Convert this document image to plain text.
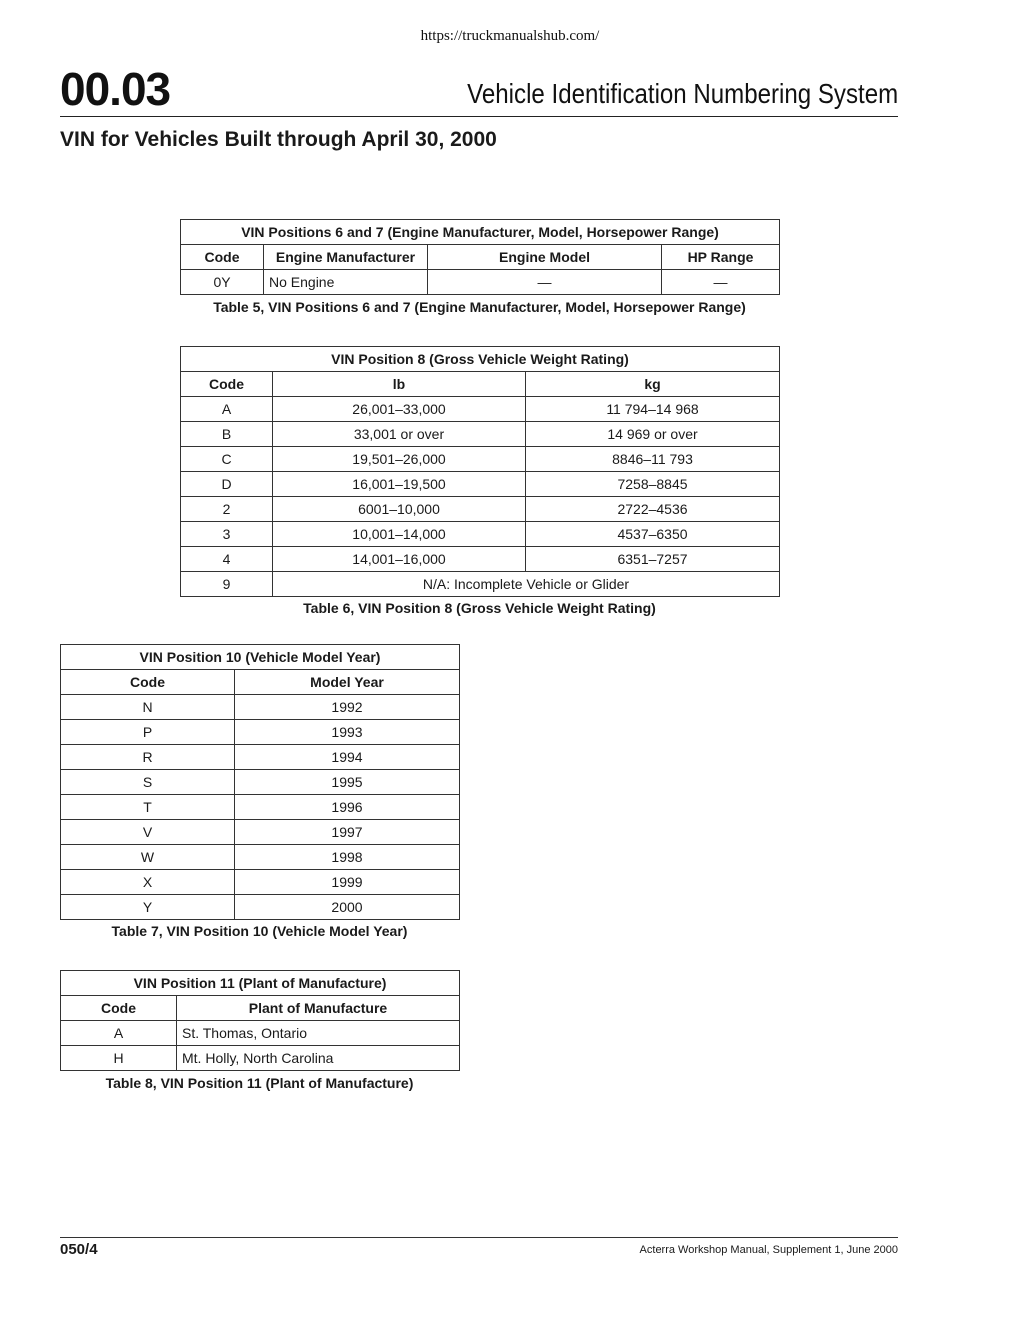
https://truckmanualshub.com/
00.03	Vehicle Identification Numbering System
VIN for Vehicles Built through April 30, 2000
VIN Positions 6 and 7 (Engine Manufacturer, Model, Horsepower Range)			
Code	Engine Manufacturer	Engine Model	HP Range
0Y	No Engine	—	—
Table 5, VIN Positions 6 and 7 (Engine Manufacturer, Model, Horsepower Range)
VIN Position 8 (Gross Vehicle Weight Rating)		
Code	lb	kg
A	26,001–33,000	11 794–14 968
B	33,001 or over	14 969 or over
C	19,501–26,000	8846–11 793
D	16,001–19,500	7258–8845
2	6001–10,000	2722–4536
3	10,001–14,000	4537–6350
4	14,001–16,000	6351–7257
9	N/A: Incomplete Vehicle or Glider	
Table 6, VIN Position 8 (Gross Vehicle Weight Rating)
VIN Position 10 (Vehicle Model Year)	
Code	Model Year
N	1992
P	1993
R	1994
S	1995
T	1996
V	1997
W	1998
X	1999
Y	2000
Table 7, VIN Position 10 (Vehicle Model Year)
VIN Position 11 (Plant of Manufacture)	
Code	Plant of Manufacture
A	St. Thomas, Ontario
H	Mt. Holly, North Carolina
Table 8, VIN Position 11 (Plant of Manufacture)
050/4	Acterra Workshop Manual, Supplement 1, June 2000
